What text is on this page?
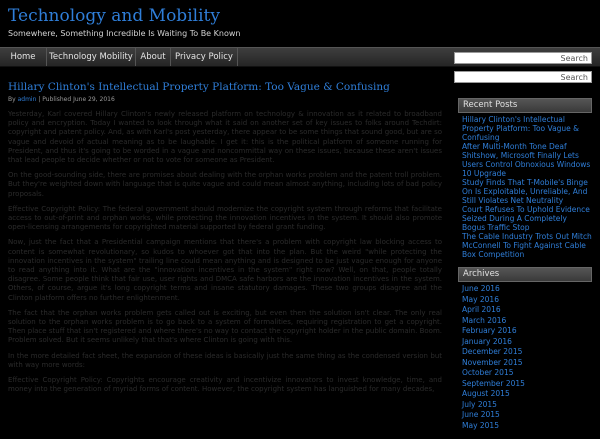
Technology and Mobility

Somewhere, Something Incredible Is Waiting To Be Known

Home	Technology Mobility About	Privacy Policy	Search
Search
Hillary Clinton's Intellectual Property Platform: Too Vague & Confusing
By admin | Published June 29, 2016

Yesterday, Karl covered Hillary Clinton's newly released platform on technology & innovation as it related to broadband policy and encryption. Today I wanted to look through what it said on another set of key issues to folks around Techdirt: copyright and patent policy. And, as with Karl's post yesterday, there appear to be some things that sound good, but are so vague and devoid of actual meaning as to be laughable. I get it: this is the political platform of someone running for President, and thus it's going to be worded in a vague and noncommittal way on these issues, because these aren't issues that lead people to decide whether or not to vote for someone as President.

On the good-sounding side, there are promises about dealing with the orphan works problem and the patent troll problem. But they're weighted down with language that is quite vague and could mean almost anything, including lots of bad policy proposals.

Effective Copyright Policy: The federal government should modernize the copyright system through reforms that facilitate access to out-of-print and orphan works, while protecting the innovation incentives in the system. It should also promote open-licensing arrangements for copyrighted material supported by federal grant funding.

Now, just the fact that a Presidential campaign mentions that there's a problem with copyright law blocking access to content is somewhat revolutionary, so kudos to whoever got that into the plan. But the weird "while protecting the innovation incentives in the system" trailing line could mean anything and is designed to be just vague enough for anyone to read anything into it. What are the "innovation incentives in the system" right now? Well, on that, people totally disagree. Some people think that fair use, user rights and DMCA safe harbors are the innovation incentives in the system. Others, of course, argue it's long copyright terms and insane statutory damages. These two groups disagree and the Clinton platform offers no further enlightenment.

The fact that the orphan works problem gets called out is exciting, but even then the solution isn't clear. The only real solution to the orphan works problem is to go back to a system of formalities, requiring registration to get a copyright. Then place stuff that isn't registered and where there's no way to contact the copyright holder in the public domain. Boom. Problem solved. But it seems unlikely that that's where Clinton is going with this.

In the more detailed fact sheet, the expansion of these ideas is basically just the same thing as the condensed version but with way more words:

Effective Copyright Policy: Copyrights encourage creativity and incentivize innovators to invest knowledge, time, and money into the generation of myriad forms of content. However, the copyright system has languished for many decades,

Recent Posts
Hillary Clinton's Intellectual Property Platform: Too Vague & Confusing
After Multi-Month Tone Deaf Shitshow, Microsoft Finally Lets Users Control Obnoxious Windows 10 Upgrade
Study Finds That T-Mobile's Binge On Is Exploitable, Unreliable, And Still Violates Net Neutrality
Court Refuses To Uphold Evidence Seized During A Completely Bogus Traffic Stop
The Cable Industry Trots Out Mitch McConnell To Fight Against Cable Box Competition
Archives
June 2016
May 2016
April 2016
March 2016
February 2016
January 2016
December 2015
November 2015
October 2015
September 2015
August 2015
July 2015
June 2015
May 2015
